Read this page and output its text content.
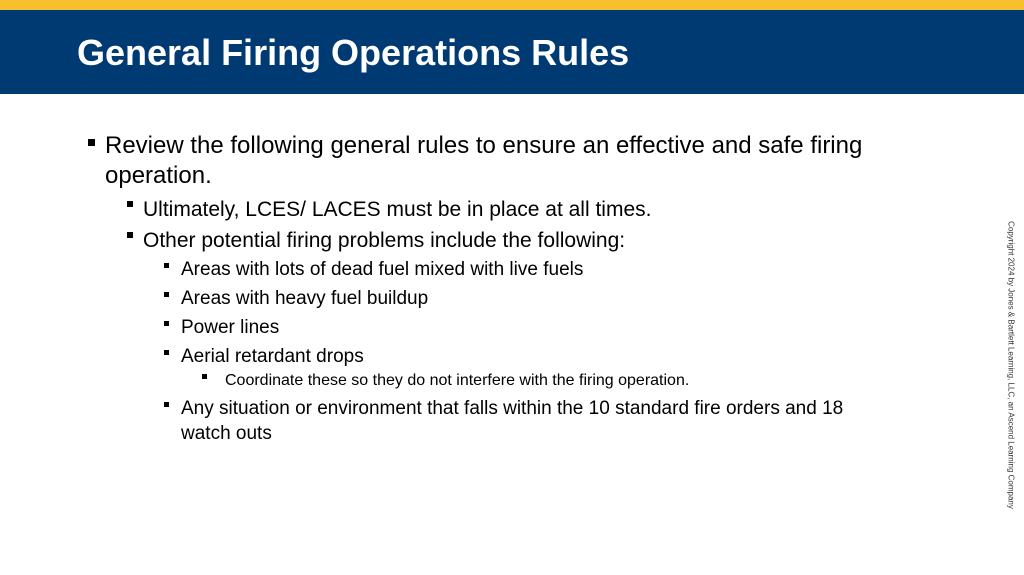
General Firing Operations Rules
Review the following general rules to ensure an effective and safe firing
operation.
Ultimately, LCES/ LACES must be in place at all times.
Other potential firing problems include the following:
Areas with lots of dead fuel mixed with live fuels
Areas with heavy fuel buildup
Power lines
Aerial retardant drops
Coordinate these so they do not interfere with the firing operation.
Any situation or environment that falls within the 10 standard fire orders and 18
watch outs	Copyright 2024 by Jones & Bartlett Learning, LLC, an Ascend Learning Company
